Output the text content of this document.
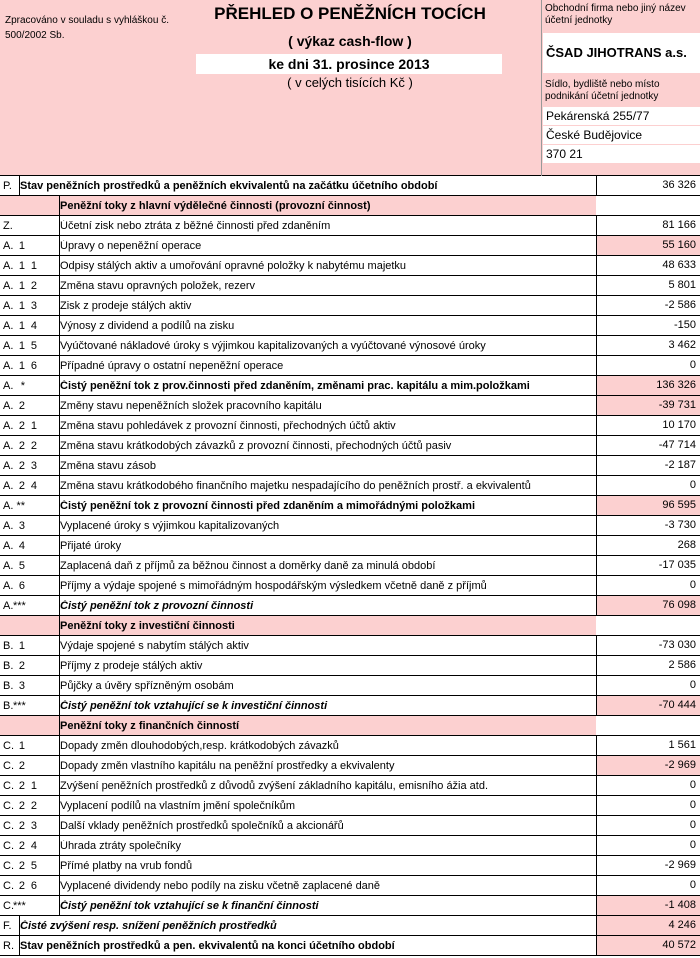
Zpracováno v souladu s vyhláškou č.
500/2002 Sb.
PŘEHLED O PENĚŽNÍCH TOCÍCH
( výkaz cash-flow )
ke dni 31. prosince 2013
( v celých tisících Kč )
Obchodní firma nebo jiný název
účetní jednotky
ČSAD JIHOTRANS a.s.
Sídlo, bydliště nebo místo
podnikání účetní jednotky
Pekárenská 255/77
České Budějovice
370 21
P. Stav peněžních prostředků a peněžních ekvivalentů na začátku účetního období	36 326
Peněžní toky z hlavní výdělečné činnosti (provozní činnost)
Z.	Účetní zisk nebo ztráta z běžné činnosti před zdaněním	81 166
A. 1	Úpravy o nepeněžní operace	55 160
A. 1 1 Odpisy stálých aktiv a umořování opravné položky k nabytému majetku	48 633
A. 1 2 Změna stavu opravných položek, rezerv	5 801
A. 1 3 Zisk z prodeje stálých aktiv	-2 586
A. 1 4 Výnosy z dividend a podílů na zisku	-150
A. 1 5 Vyúčtované nákladové úroky s výjimkou kapitalizovaných a vyúčtované výnosové úroky	3 462
A. 1 6 Případné úpravy o ostatní nepeněžní operace	0
A. *	Čistý peněžní tok z prov.činnosti před zdaněním, změnami prac. kapitálu a mim.položkami	136 326
A. 2	Změny stavu nepeněžních složek pracovního kapitálu	-39 731
A. 2 1 Změna stavu pohledávek z provozní činnosti, přechodných účtů aktiv	10 170
A. 2 2 Změna stavu krátkodobých závazků z provozní činnosti, přechodných účtů pasiv	-47 714
A. 2 3 Změna stavu zásob	-2 187
A. 2 4 Změna stavu krátkodobého finančního majetku nespadajícího do peněžních prostř. a ekvivalentů	0
A. **	Čistý peněžní tok z provozní činnosti před zdaněním a mimořádnými položkami	96 595
A. 3	Vyplacené úroky s výjimkou kapitalizovaných	-3 730
A. 4	Přijaté úroky	268
A. 5	Zaplacená daň z příjmů za běžnou činnost a doměrky daně za minulá období	-17 035
A. 6	Příjmy a výdaje spojené s mimořádným hospodářským výsledkem včetně daně z příjmů	0
A. ***	Čistý peněžní tok z provozní činnosti	76 098
Peněžní toky z investiční činnosti
B. 1	Výdaje spojené s nabytím stálých aktiv	-73 030
B. 2	Příjmy z prodeje stálých aktiv	2 586
B. 3	Půjčky a úvěry spřízněným osobám	0
B. ***	Čistý peněžní tok vztahující se k investiční činnosti	-70 444
Peněžní toky z finančních činností
C. 1	Dopady změn dlouhodobých,resp. krátkodobých závazků	1 561
C. 2	Dopady změn vlastního kapitálu na peněžní prostředky a ekvivalenty	-2 969
C. 2 1 Zvýšení peněžních prostředků z důvodů zvýšení základního kapitálu, emisního ážia atd.	0
C. 2 2 Vyplacení podílů na vlastním jmění společníkům	0
C. 2 3 Další vklady peněžních prostředků společníků a akcionářů	0
C. 2 4 Úhrada ztráty společníky	0
C. 2 5 Přímé platby na vrub fondů	-2 969
C. 2 6 Vyplacené dividendy nebo podíly na zisku včetně zaplacené daně	0
C. ***	Čistý peněžní tok vztahující se k finanční činnosti	-1 408
F. Čisté zvýšení resp. snížení peněžních prostředků	4 246
R. Stav peněžních prostředků a pen. ekvivalentů na konci účetního období	40 572
